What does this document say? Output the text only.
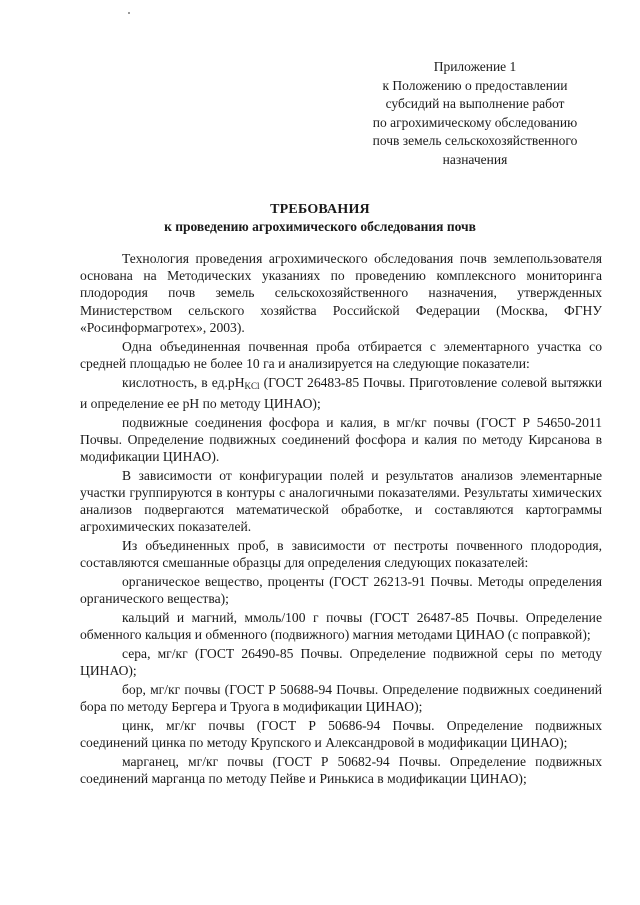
Приложение 1
к Положению о предоставлении
субсидий на выполнение работ
по агрохимическому обследованию
почв земель сельскохозяйственного
назначения
ТРЕБОВАНИЯ
к проведению агрохимического обследования почв

Технология проведения агрохимического обследования почв землепользователя основана на Методических указаниях по проведению комплексного мониторинга плодородия почв земель сельскохозяйственного назначения, утвержденных Министерством сельского хозяйства Российской Федерации (Москва, ФГНУ «Росинформагротех», 2003).

Одна объединенная почвенная проба отбирается с элементарного участка со средней площадью не более 10 га и анализируется на следующие показатели:

кислотность, в $ед.pH_{KCl}$ (ГОСТ 26483-85 Почвы. Приготовление солевой вытяжки и определение ее pH по методу ЦИНАО);

подвижные соединения фосфора и калия, в мг/кг почвы (ГОСТ Р 54650-2011 Почвы. Определение подвижных соединений фосфора и калия по методу Кирсанова в модификации ЦИНАО).

В зависимости от конфигурации полей и результатов анализов элементарные участки группируются в контуры с аналогичными показателями. Результаты химических анализов подвергаются математической обработке, и составляются картограммы агрохимических показателей.

Из объединенных проб, в зависимости от пестроты почвенного плодородия, составляются смешанные образцы для определения следующих показателей:

органическое вещество, проценты (ГОСТ 26213-91 Почвы. Методы определения органического вещества);

кальций и магний, ммоль/100 г почвы (ГОСТ 26487-85 Почвы. Определение обменного кальция и обменного (подвижного) магния методами ЦИНАО (с поправкой);

сера, мг/кг (ГОСТ 26490-85 Почвы. Определение подвижной серы по методу ЦИНАО);

бор, мг/кг почвы (ГОСТ Р 50688-94 Почвы. Определение подвижных соединений бора по методу Бергера и Труога в модификации ЦИНАО);

цинк, мг/кг почвы (ГОСТ Р 50686-94 Почвы. Определение подвижных соединений цинка по методу Крупского и Александровой в модификации ЦИНАО);

марганец, мг/кг почвы (ГОСТ Р 50682-94 Почвы. Определение подвижных соединений марганца по методу Пейве и Ринькиса в модификации ЦИНАО);
